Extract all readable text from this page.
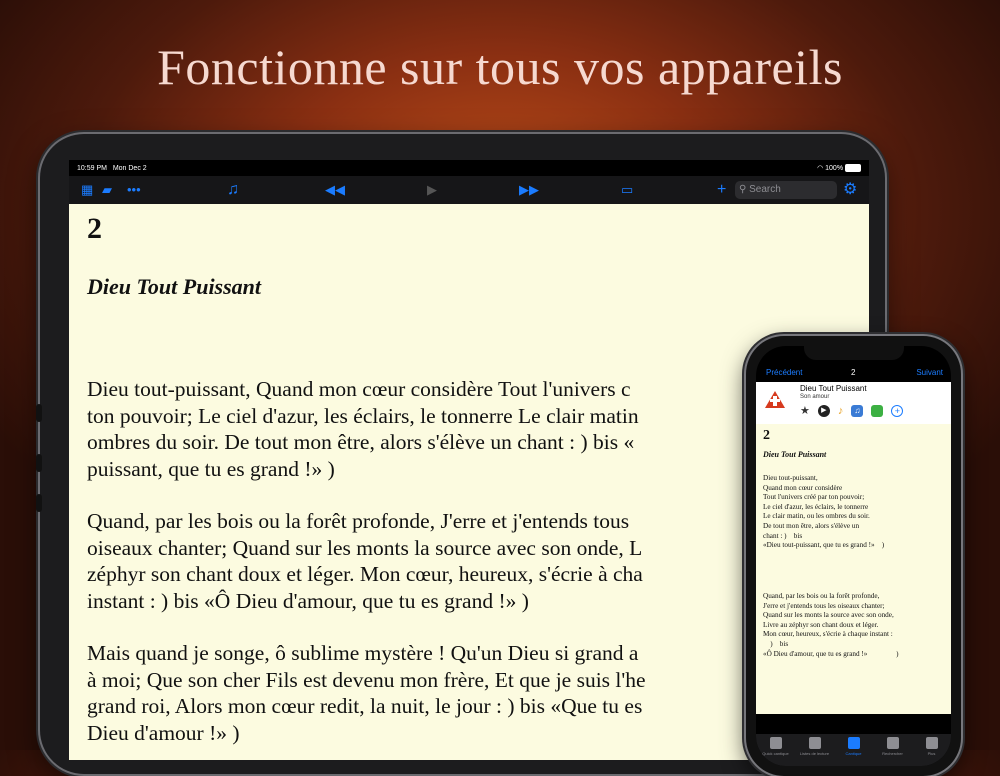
Fonctionne sur tous vos appareils
10:59 PM Mon Dec 2	◠ 100%
▦ ▰ •••	♫	◀◀	▶	▶▶	▭	+	⚲ Search	⚙
2
Dieu Tout Puissant
Dieu tout-puissant, Quand mon cœur considère Tout l'univers c
ton pouvoir; Le ciel d'azur, les éclairs, le tonnerre Le clair matin
ombres du soir. De tout mon être, alors s'élève un chant : ) bis «
puissant, que tu es grand !» )
Quand, par les bois ou la forêt profonde, J'erre et j'entends tous
oiseaux chanter; Quand sur les monts la source avec son onde, L
zéphyr son chant doux et léger. Mon cœur, heureux, s'écrie à cha
instant : ) bis «Ô Dieu d'amour, que tu es grand !» )
Mais quand je songe, ô sublime mystère ! Qu'un Dieu si grand a
à moi; Que son cher Fils est devenu mon frère, Et que je suis l'he
grand roi, Alors mon cœur redit, la nuit, le jour : ) bis «Que tu es
Dieu d'amour !» )
Précédent	2	Suivant
Dieu Tout Puissant
Son amour
★	▶	♪	♫	+
2
Dieu Tout Puissant
Dieu tout-puissant,
Quand mon cœur considère
Tout l'univers créé par ton pouvoir;
Le ciel d'azur, les éclairs, le tonnerre
Le clair matin, ou les ombres du soir.
De tout mon être, alors s'élève un
chant : )    bis
«Dieu tout-puissant, que tu es grand !»    )
Quand, par les bois ou la forêt profonde,
J'erre et j'entends tous les oiseaux chanter;
Quand sur les monts la source avec son onde,
Livre au zéphyr son chant doux et léger.
Mon cœur, heureux, s'écrie à chaque instant :
)    bis
«Ô Dieu d'amour, que tu es grand !»                )
Quick cantique	Listes de lecture	Cantique	Rechercher	Plus
